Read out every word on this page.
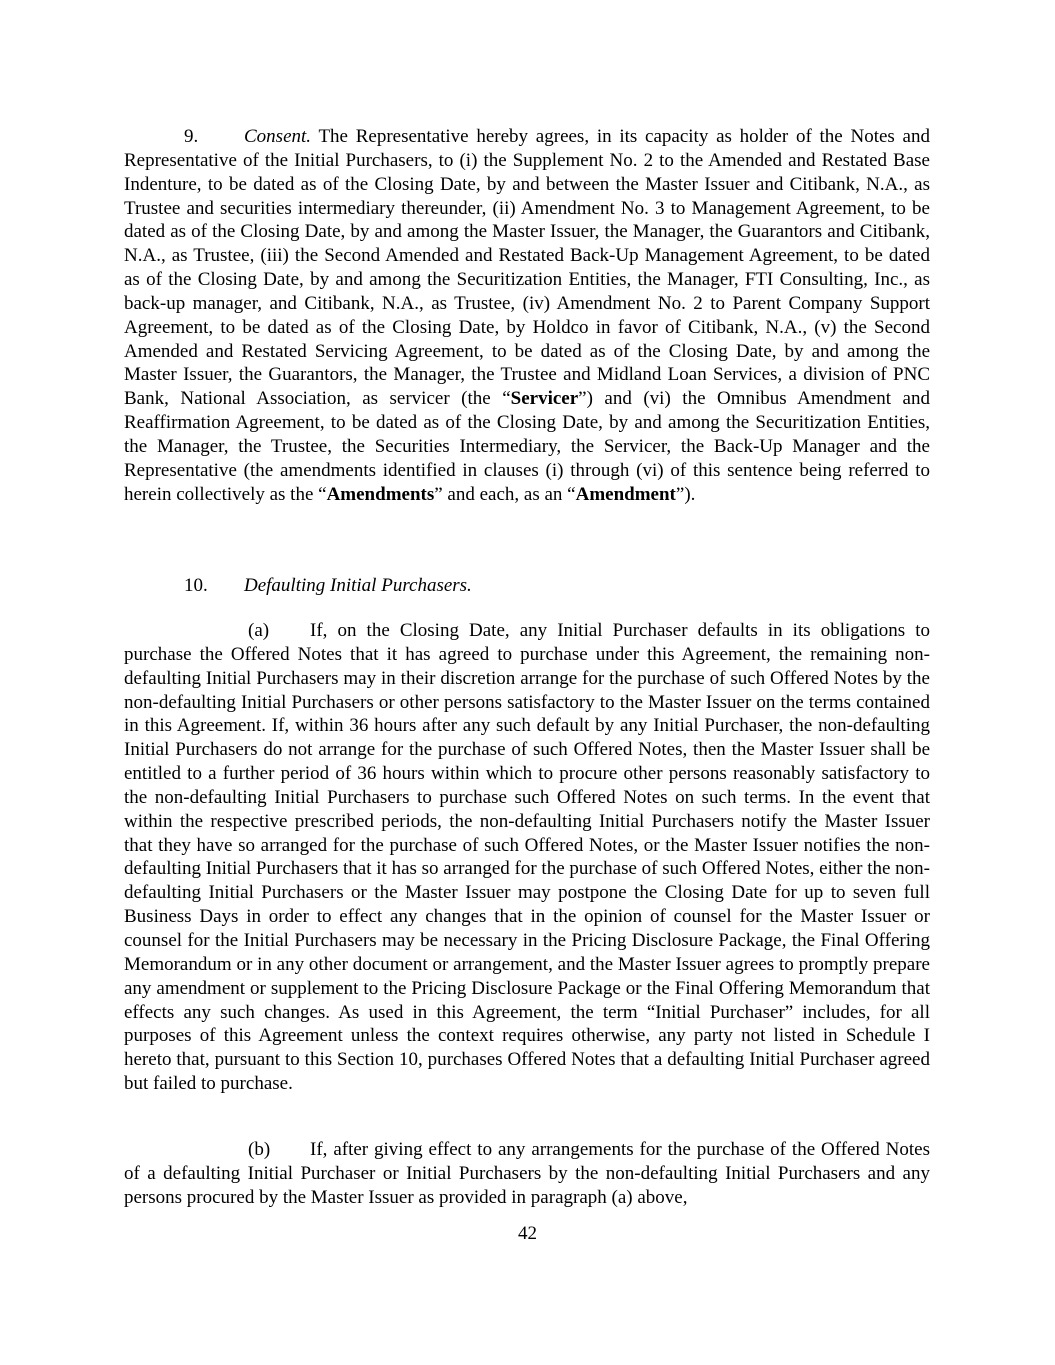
9. Consent. The Representative hereby agrees, in its capacity as holder of the Notes and Representative of the Initial Purchasers, to (i) the Supplement No. 2 to the Amended and Restated Base Indenture, to be dated as of the Closing Date, by and between the Master Issuer and Citibank, N.A., as Trustee and securities intermediary thereunder, (ii) Amendment No. 3 to Management Agreement, to be dated as of the Closing Date, by and among the Master Issuer, the Manager, the Guarantors and Citibank, N.A., as Trustee, (iii) the Second Amended and Restated Back-Up Management Agreement, to be dated as of the Closing Date, by and among the Securitization Entities, the Manager, FTI Consulting, Inc., as back-up manager, and Citibank, N.A., as Trustee, (iv) Amendment No. 2 to Parent Company Support Agreement, to be dated as of the Closing Date, by Holdco in favor of Citibank, N.A., (v) the Second Amended and Restated Servicing Agreement, to be dated as of the Closing Date, by and among the Master Issuer, the Guarantors, the Manager, the Trustee and Midland Loan Services, a division of PNC Bank, National Association, as servicer (the “Servicer”) and (vi) the Omnibus Amendment and Reaffirmation Agreement, to be dated as of the Closing Date, by and among the Securitization Entities, the Manager, the Trustee, the Securities Intermediary, the Servicer, the Back-Up Manager and the Representative (the amendments identified in clauses (i) through (vi) of this sentence being referred to herein collectively as the “Amendments” and each, as an “Amendment”).

10. Defaulting Initial Purchasers.

(a) If, on the Closing Date, any Initial Purchaser defaults in its obligations to purchase the Offered Notes that it has agreed to purchase under this Agreement, the remaining non-defaulting Initial Purchasers may in their discretion arrange for the purchase of such Offered Notes by the non-defaulting Initial Purchasers or other persons satisfactory to the Master Issuer on the terms contained in this Agreement. If, within 36 hours after any such default by any Initial Purchaser, the non-defaulting Initial Purchasers do not arrange for the purchase of such Offered Notes, then the Master Issuer shall be entitled to a further period of 36 hours within which to procure other persons reasonably satisfactory to the non-defaulting Initial Purchasers to purchase such Offered Notes on such terms. In the event that within the respective prescribed periods, the non-defaulting Initial Purchasers notify the Master Issuer that they have so arranged for the purchase of such Offered Notes, or the Master Issuer notifies the non-defaulting Initial Purchasers that it has so arranged for the purchase of such Offered Notes, either the non-defaulting Initial Purchasers or the Master Issuer may postpone the Closing Date for up to seven full Business Days in order to effect any changes that in the opinion of counsel for the Master Issuer or counsel for the Initial Purchasers may be necessary in the Pricing Disclosure Package, the Final Offering Memorandum or in any other document or arrangement, and the Master Issuer agrees to promptly prepare any amendment or supplement to the Pricing Disclosure Package or the Final Offering Memorandum that effects any such changes. As used in this Agreement, the term “Initial Purchaser” includes, for all purposes of this Agreement unless the context requires otherwise, any party not listed in Schedule I hereto that, pursuant to this Section 10, purchases Offered Notes that a defaulting Initial Purchaser agreed but failed to purchase.

(b) If, after giving effect to any arrangements for the purchase of the Offered Notes of a defaulting Initial Purchaser or Initial Purchasers by the non-defaulting Initial Purchasers and any persons procured by the Master Issuer as provided in paragraph (a) above,

42
